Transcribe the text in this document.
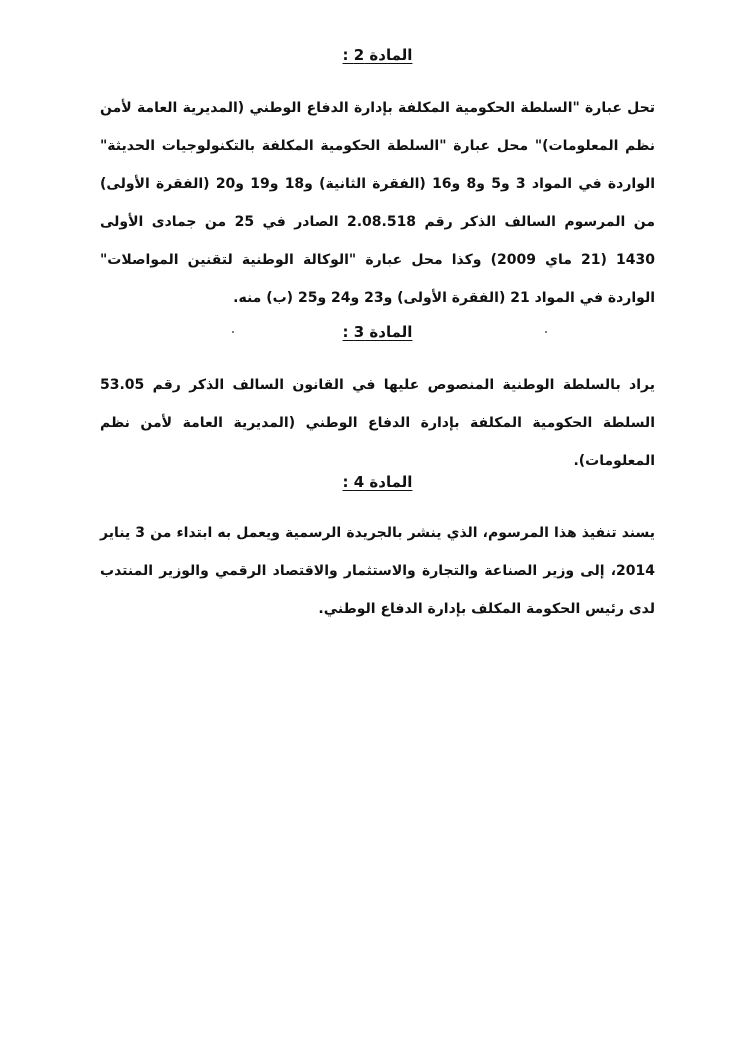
المادة 2 :
تحل عبارة "السلطة الحكومية المكلفة بإدارة الدفاع الوطني (المديرية العامة لأمن نظم المعلومات)" محل عبارة "السلطة الحكومية المكلفة بالتكنولوجيات الحديثة" الواردة في المواد 3 و5 و8 و16 (الفقرة الثانية) و18 و19 و20 (الفقرة الأولى) من المرسوم السالف الذكر رقم 2.08.518 الصادر في 25 من جمادى الأولى 1430 (21 ماي 2009) وكذا محل عبارة "الوكالة الوطنية لتقنين المواصلات" الواردة في المواد 21 (الفقرة الأولى) و23 و24 و25 (ب) منه.
المادة 3 :
يراد بالسلطة الوطنية المنصوص عليها في القانون السالف الذكر رقم 53.05 السلطة الحكومية المكلفة بإدارة الدفاع الوطني (المديرية العامة لأمن نظم المعلومات).
المادة 4 :
يسند تنفيذ هذا المرسوم، الذي ينشر بالجريدة الرسمية ويعمل به ابتداء من 3 يناير 2014، إلى وزير الصناعة والتجارة والاستثمار والاقتصاد الرقمي والوزير المنتدب لدى رئيس الحكومة المكلف بإدارة الدفاع الوطني.
